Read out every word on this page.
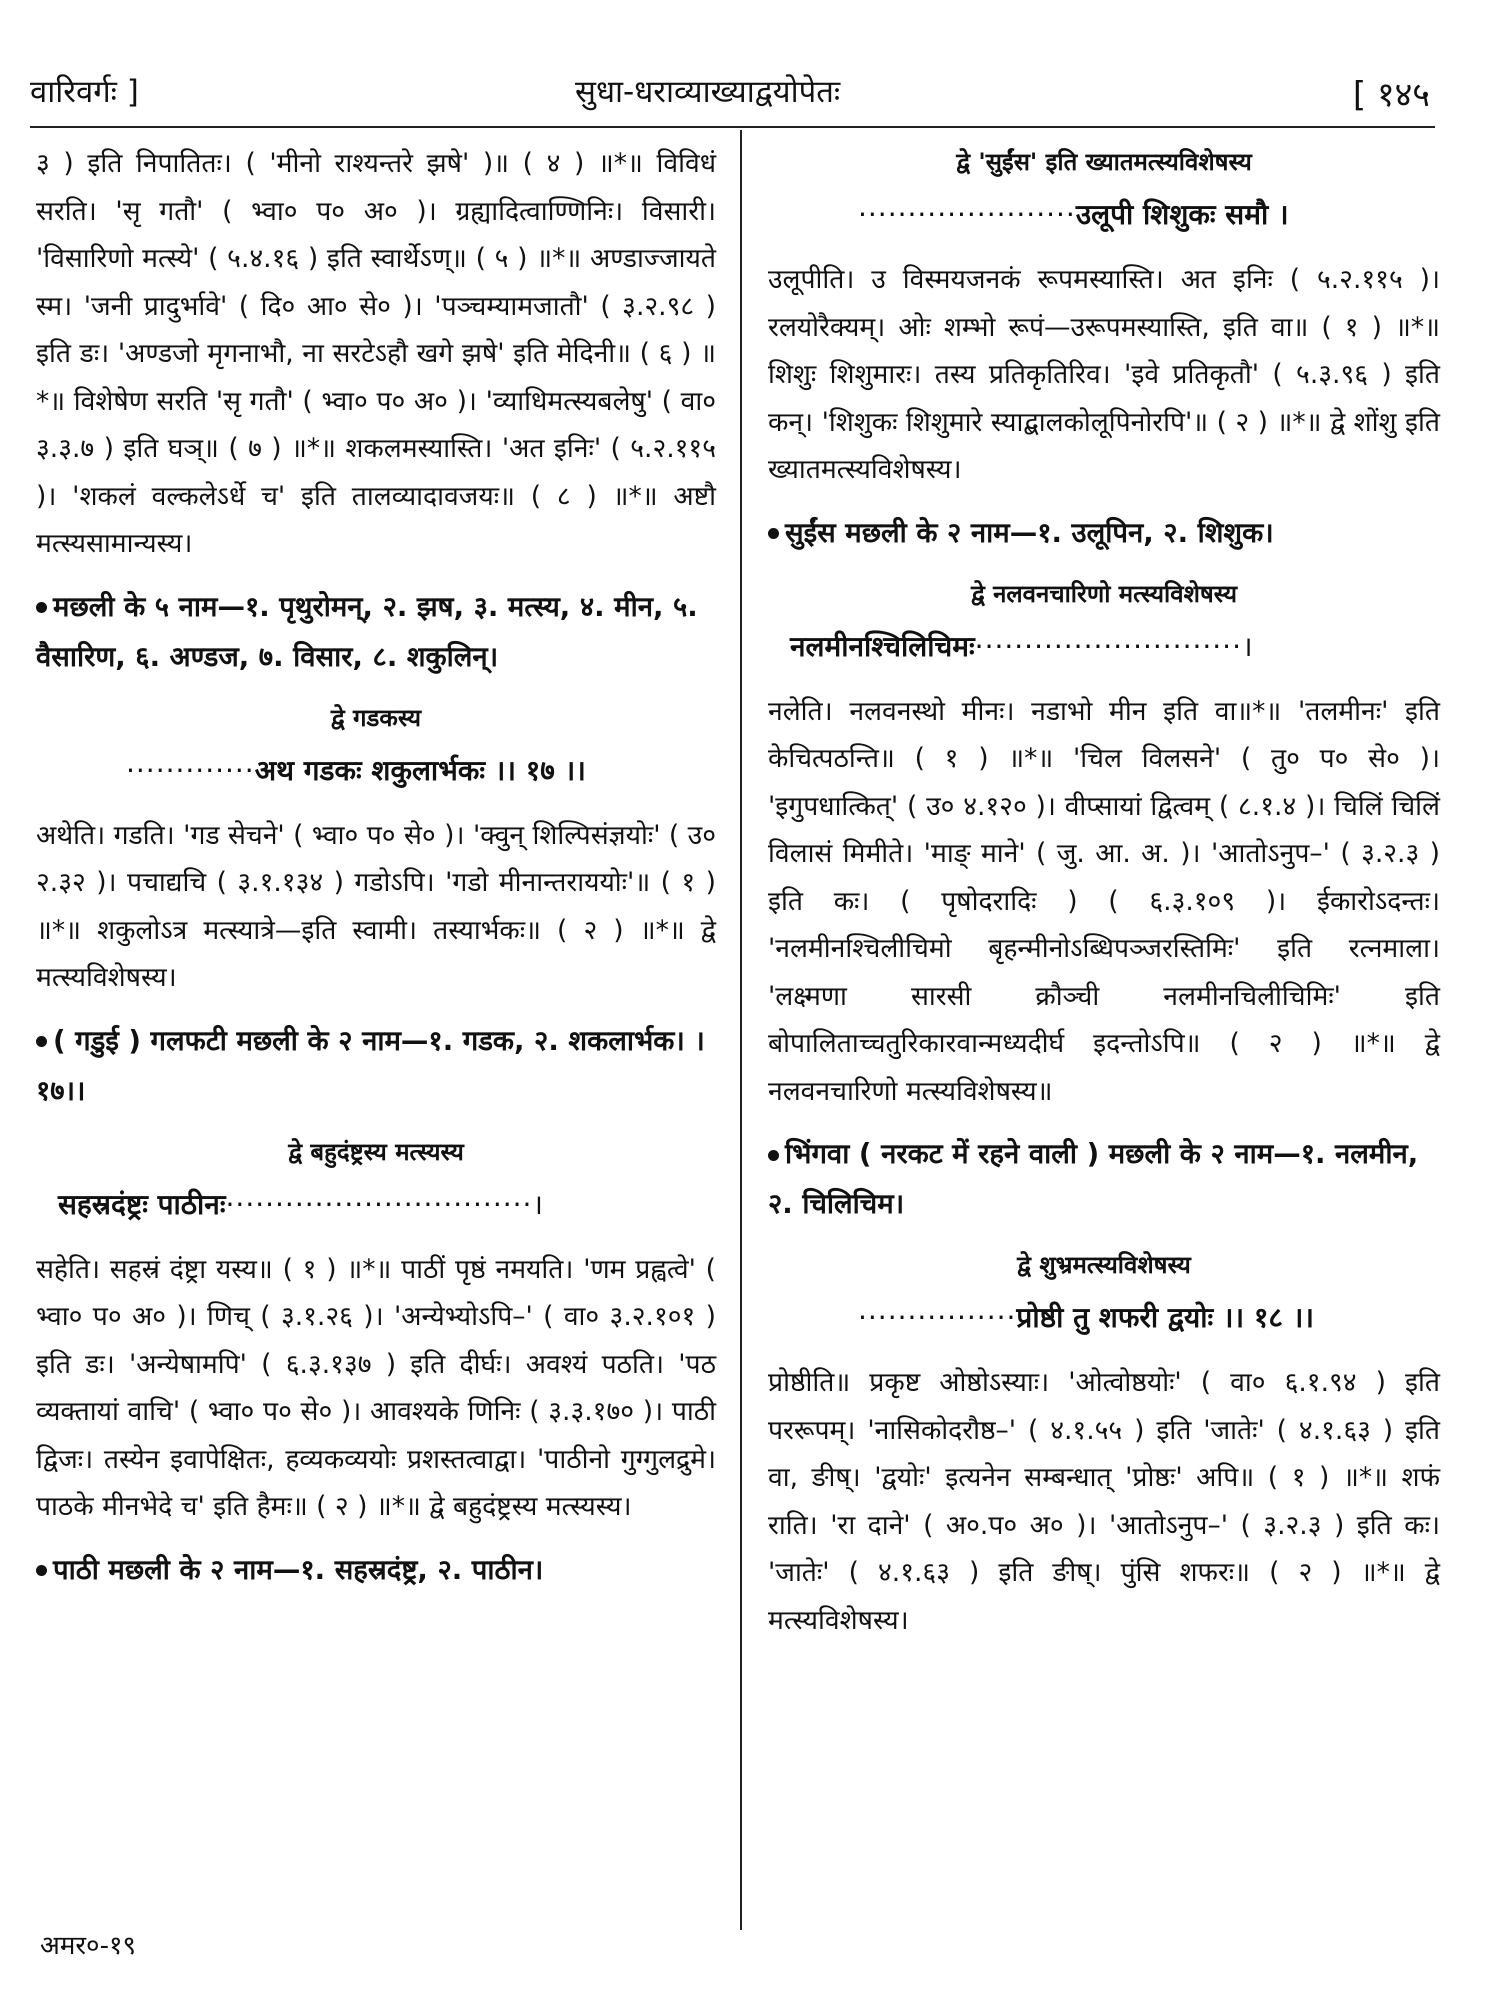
वारिवर्गः ]	सुधा-धराव्याख्याद्वयोपेतः	[ १४५

३ ) इति निपातितः। ( 'मीनो राश्यन्तरे झषे' )॥ ( ४ ) ॥*॥ विविधं सरति। 'सृ गतौ' ( भ्वा० प० अ० )। ग्रह्यादित्वाण्णिनिः। विसारी। 'विसारिणो मत्स्ये' ( ५.४.१६ ) इति स्वार्थेऽण्॥ ( ५ ) ॥*॥ अण्डाज्जायते स्म। 'जनी प्रादुर्भावे' ( दि० आ० से० )। 'पञ्चम्यामजातौ' ( ३.२.९८ ) इति डः। 'अण्डजो मृगनाभौ, ना सरटेऽहौ खगे झषे' इति मेदिनी॥ ( ६ ) ॥*॥ विशेषेण सरति 'सृ गतौ' ( भ्वा० प० अ० )। 'व्याधिमत्स्यबलेषु' ( वा० ३.३.७ ) इति घञ्॥ ( ७ ) ॥*॥ शकलमस्यास्ति। 'अत इनिः' ( ५.२.११५ )। 'शकलं वल्कलेऽर्धे च' इति तालव्यादावजयः॥ ( ८ ) ॥*॥ अष्टौ मत्स्यसामान्यस्य।

मछली के ५ नाम—१. पृथुरोमन्, २. झष, ३. मत्स्य, ४. मीन, ५. वैसारिण, ६. अण्डज, ७. विसार, ८. शकुलिन्।
द्वे गडकस्य
·············अथ गडकः शकुलार्भकः ।। १७ ।।

अथेति। गडति। 'गड सेचने' ( भ्वा० प० से० )। 'क्वुन् शिल्पिसंज्ञयोः' ( उ० २.३२ )। पचाद्यचि ( ३.१.१३४ ) गडोऽपि। 'गडो मीनान्तराययोः'॥ ( १ ) ॥*॥ शकुलोऽत्र मत्स्यात्रे—इति स्वामी। तस्यार्भकः॥ ( २ ) ॥*॥ द्वे मत्स्यविशेषस्य।

( गडुई ) गलफटी मछली के २ नाम—१. गडक, २. शकलार्भक। ।१७।।
द्वे बहुदंष्ट्रस्य मत्स्यस्य
सहस्रदंष्ट्रः पाठीनः·······························।

सहेति। सहस्रं दंष्ट्रा यस्य॥ ( १ ) ॥*॥ पाठीं पृष्ठं नमयति। 'णम प्रह्वत्वे' ( भ्वा० प० अ० )। णिच् ( ३.१.२६ )। 'अन्येभ्योऽपि–' ( वा० ३.२.१०१ ) इति डः। 'अन्येषामपि' ( ६.३.१३७ ) इति दीर्घः। अवश्यं पठति। 'पठ व्यक्तायां वाचि' ( भ्वा० प० से० )। आवश्यके णिनिः ( ३.३.१७० )। पाठी द्विजः। तस्येन इवापेक्षितः, हव्यकव्ययोः प्रशस्तत्वाद्वा। 'पाठीनो गुग्गुलद्रुमे। पाठके मीनभेदे च' इति हैमः॥ ( २ ) ॥*॥ द्वे बहुदंष्ट्रस्य मत्स्यस्य।

पाठी मछली के २ नाम—१. सहस्रदंष्ट्र, २. पाठीन।
द्वे 'सुईंस' इति ख्यातमत्स्यविशेषस्य
······················उलूपी शिशुकः समौ ।

उलूपीति। उ विस्मयजनकं रूपमस्यास्ति। अत इनिः ( ५.२.११५ )। रलयोरैक्यम्। ओः शम्भो रूपं—उरूपमस्यास्ति, इति वा॥ ( १ ) ॥*॥ शिशुः शिशुमारः। तस्य प्रतिकृतिरिव। 'इवे प्रतिकृतौ' ( ५.३.९६ ) इति कन्। 'शिशुकः शिशुमारे स्याद्बालकोलूपिनोरपि'॥ ( २ ) ॥*॥ द्वे शोंशु इति ख्यातमत्स्यविशेषस्य।

सुईंस मछली के २ नाम—१. उलूपिन, २. शिशुक।
द्वे नलवनचारिणो मत्स्यविशेषस्य
नलमीनश्चिलिचिमः···························।

नलेति। नलवनस्थो मीनः। नडाभो मीन इति वा॥*॥ 'तलमीनः' इति केचित्पठन्ति॥ ( १ ) ॥*॥ 'चिल विलसने' ( तु० प० से० )। 'इगुपधात्कित्' ( उ० ४.१२० )। वीप्सायां द्वित्वम् ( ८.१.४ )। चिलिं चिलिं विलासं मिमीते। 'माङ् माने' ( जु. आ. अ. )। 'आतोऽनुप–' ( ३.२.३ ) इति कः। ( पृषोदरादिः ) ( ६.३.१०९ )। ईकारोऽदन्तः। 'नलमीनश्चिलीचिमो बृहन्मीनोऽब्धिपञ्जरस्तिमिः' इति रत्नमाला। 'लक्ष्मणा सारसी क्रौञ्ची नलमीनचिलीचिमिः' इति बोपालिताच्चतुरिकारवान्मध्यदीर्घ इदन्तोऽपि॥ ( २ ) ॥*॥ द्वे नलवनचारिणो मत्स्यविशेषस्य॥

भिंगवा ( नरकट में रहने वाली ) मछली के २ नाम—१. नलमीन, २. चिलिचिम।
द्वे शुभ्रमत्स्यविशेषस्य
················प्रोष्ठी तु शफरी द्वयोः ।। १८ ।।

प्रोष्ठीति॥ प्रकृष्ट ओष्ठोऽस्याः। 'ओत्वोष्ठयोः' ( वा० ६.१.९४ ) इति पररूपम्। 'नासिकोदरौष्ठ–' ( ४.१.५५ ) इति 'जातेः' ( ४.१.६३ ) इति वा, ङीष्। 'द्वयोः' इत्यनेन सम्बन्धात् 'प्रोष्ठः' अपि॥ ( १ ) ॥*॥ शफं राति। 'रा दाने' ( अ०.प० अ० )। 'आतोऽनुप–' ( ३.२.३ ) इति कः। 'जातेः' ( ४.१.६३ ) इति ङीष्। पुंसि शफरः॥ ( २ ) ॥*॥ द्वे मत्स्यविशेषस्य।

अमर०-१९
